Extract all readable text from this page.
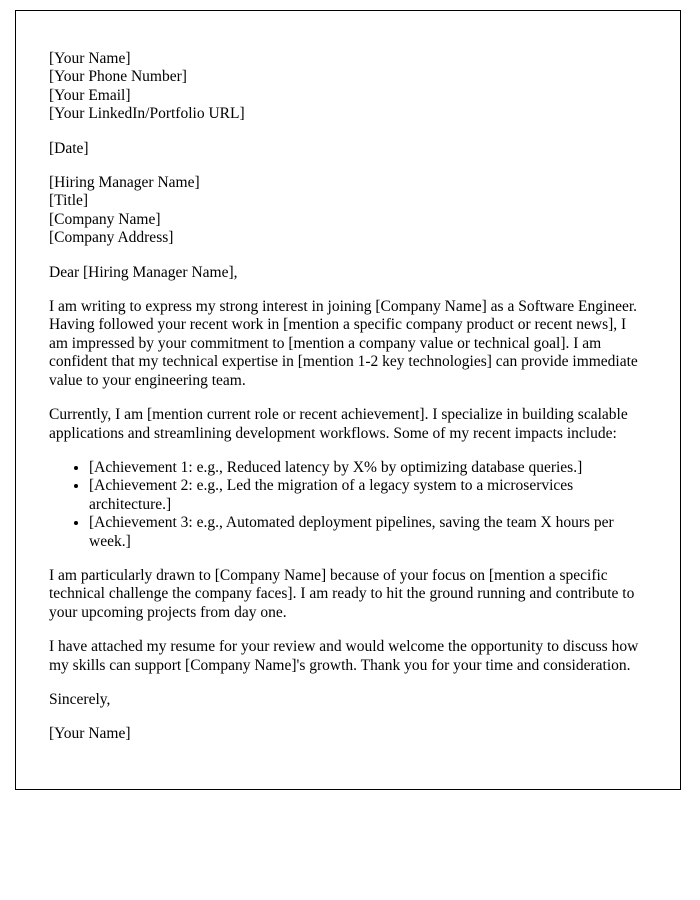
[Your Name]
[Your Phone Number]
[Your Email]
[Your LinkedIn/Portfolio URL]
[Date]
[Hiring Manager Name]
[Title]
[Company Name]
[Company Address]
Dear [Hiring Manager Name],

I am writing to express my strong interest in joining [Company Name] as a Software Engineer. Having followed your recent work in [mention a specific company product or recent news], I am impressed by your commitment to [mention a company value or technical goal]. I am confident that my technical expertise in [mention 1-2 key technologies] can provide immediate value to your engineering team.

Currently, I am [mention current role or recent achievement]. I specialize in building scalable applications and streamlining development workflows. Some of my recent impacts include:

• [Achievement 1: e.g., Reduced latency by X% by optimizing database queries.]
• [Achievement 2: e.g., Led the migration of a legacy system to a microservices architecture.]
• [Achievement 3: e.g., Automated deployment pipelines, saving the team X hours per week.]

I am particularly drawn to [Company Name] because of your focus on [mention a specific technical challenge the company faces]. I am ready to hit the ground running and contribute to your upcoming projects from day one.

I have attached my resume for your review and would welcome the opportunity to discuss how my skills can support [Company Name]'s growth. Thank you for your time and consideration.

Sincerely,
[Your Name]
